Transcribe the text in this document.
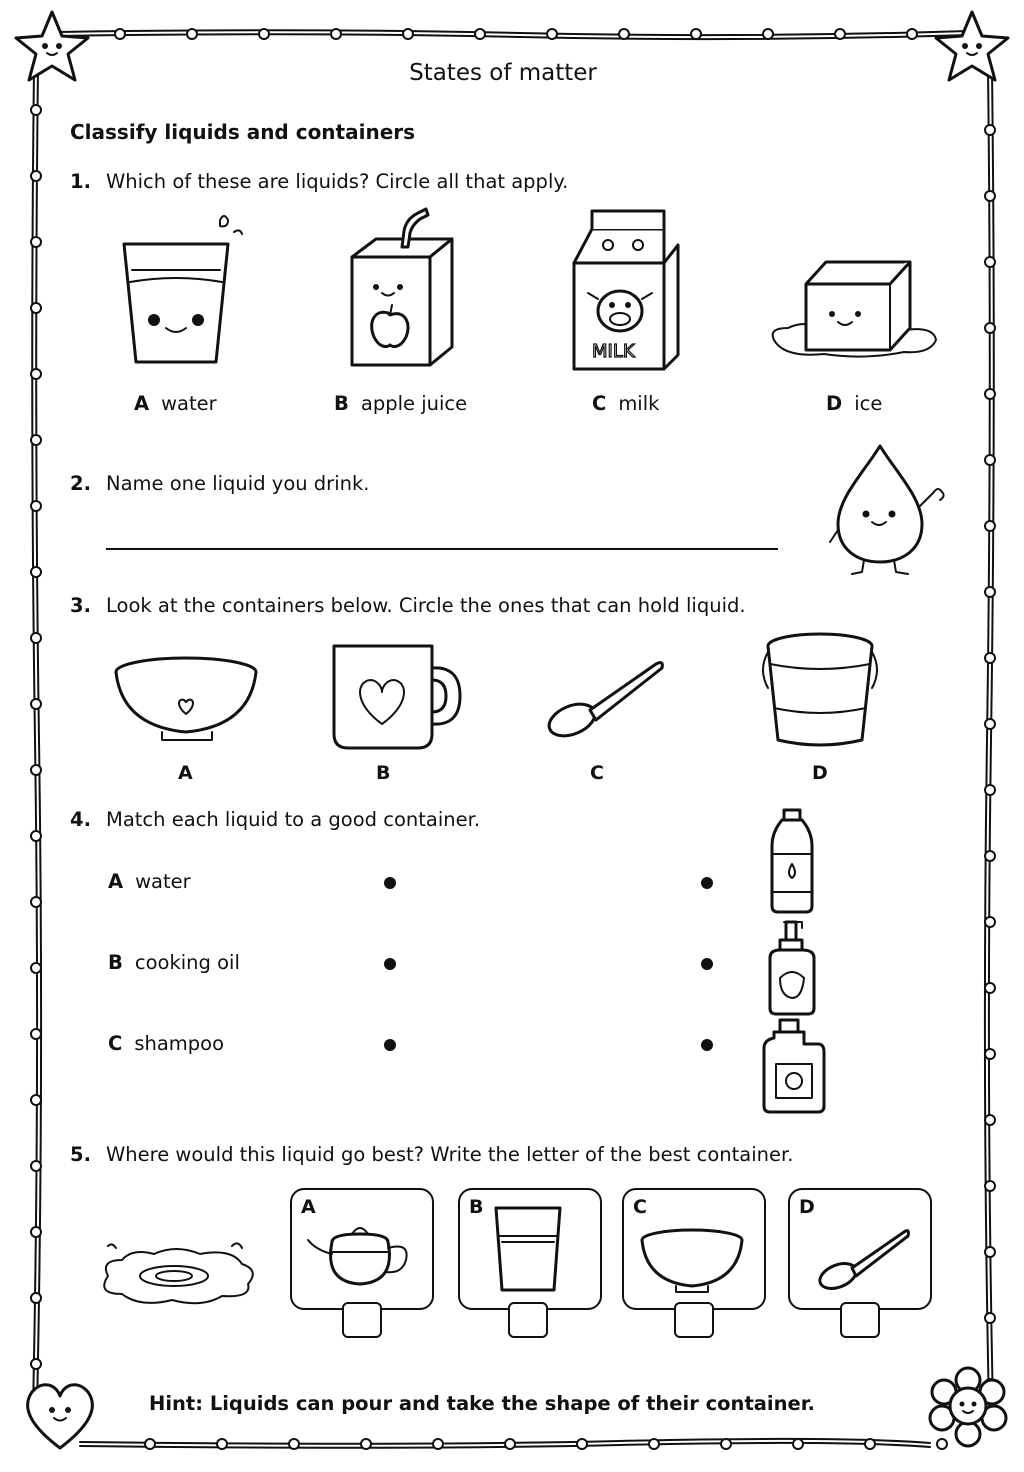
States of matter
Classify liquids and containers
1. Which of these are liquids? Circle all that apply.
MILK
A water	B apple juice	C milk	D ice
2. Name one liquid you drink.
3. Look at the containers below. Circle the ones that can hold liquid.
A	B	C	D
4. Match each liquid to a good container.
A water
B cooking oil
C shampoo
5. Where would this liquid go best? Write the letter of the best container.
A	B	C	D
Hint: Liquids can pour and take the shape of their container.
